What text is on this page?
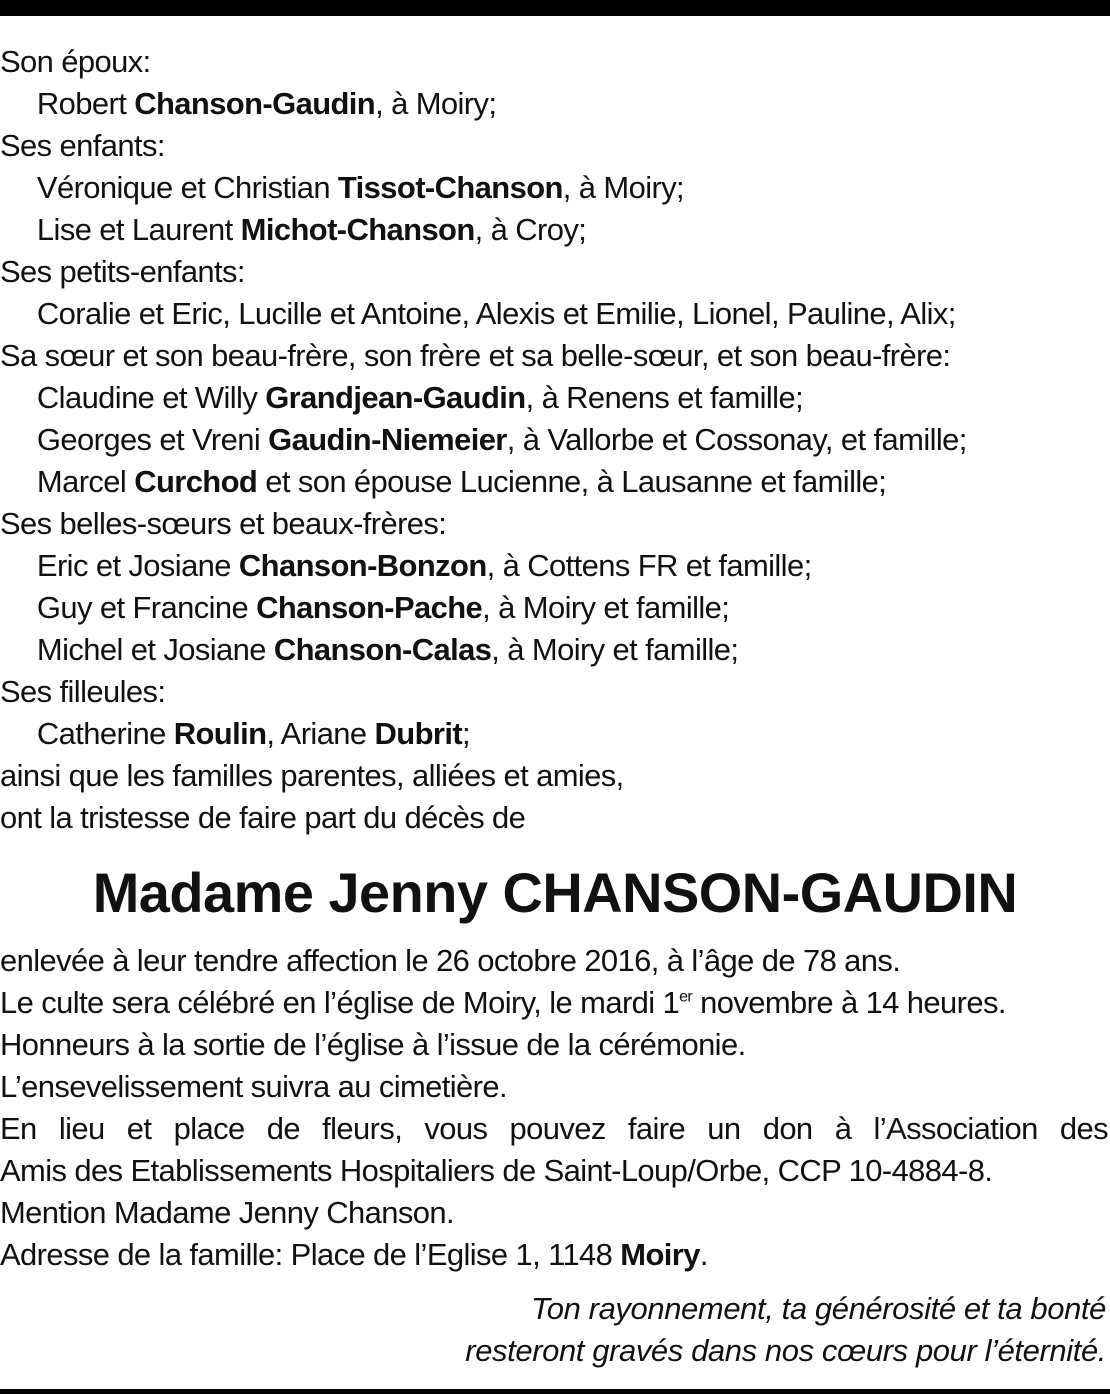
Son époux:
Robert Chanson-Gaudin, à Moiry;
Ses enfants:
Véronique et Christian Tissot-Chanson, à Moiry;
Lise et Laurent Michot-Chanson, à Croy;
Ses petits-enfants:
Coralie et Eric, Lucille et Antoine, Alexis et Emilie, Lionel, Pauline, Alix;
Sa sœur et son beau-frère, son frère et sa belle-sœur, et son beau-frère:
Claudine et Willy Grandjean-Gaudin, à Renens et famille;
Georges et Vreni Gaudin-Niemeier, à Vallorbe et Cossonay, et famille;
Marcel Curchod et son épouse Lucienne, à Lausanne et famille;
Ses belles-sœurs et beaux-frères:
Eric et Josiane Chanson-Bonzon, à Cottens FR et famille;
Guy et Francine Chanson-Pache, à Moiry et famille;
Michel et Josiane Chanson-Calas, à Moiry et famille;
Ses filleules:
Catherine Roulin, Ariane Dubrit;
ainsi que les familles parentes, alliées et amies,
ont la tristesse de faire part du décès de
Madame Jenny CHANSON-GAUDIN
enlevée à leur tendre affection le 26 octobre 2016, à l’âge de 78 ans.
Le culte sera célébré en l’église de Moiry, le mardi 1er novembre à 14 heures.
Honneurs à la sortie de l’église à l’issue de la cérémonie.
L’ensevelissement suivra au cimetière.
En lieu et place de fleurs, vous pouvez faire un don à l’Association des
Amis des Etablissements Hospitaliers de Saint-Loup/Orbe, CCP 10-4884-8.
Mention Madame Jenny Chanson.
Adresse de la famille: Place de l’Eglise 1, 1148 Moiry.
Ton rayonnement, ta générosité et ta bonté
resteront gravés dans nos cœurs pour l’éternité.
